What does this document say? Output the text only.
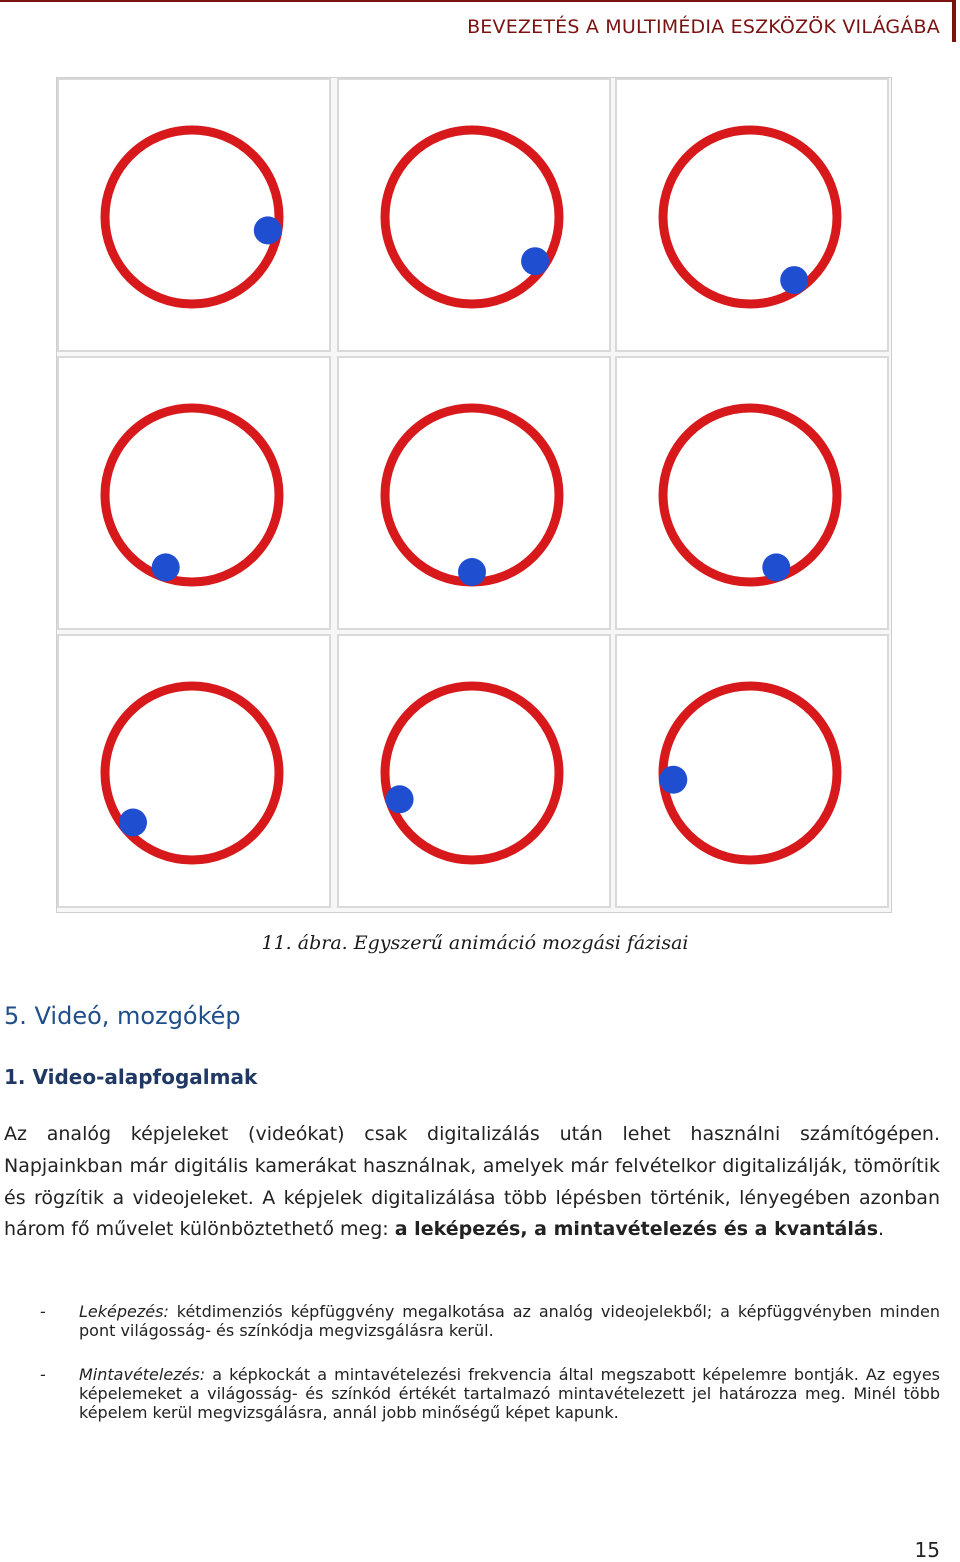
BEVEZETÉS A MULTIMÉDIA ESZKÖZÖK VILÁGÁBA
11. ábra. Egyszerű animáció mozgási fázisai
5. Videó, mozgókép
1. Video-alapfogalmak

Az analóg képjeleket (videókat) csak digitalizálás után lehet használni számítógépen. Napjainkban már digitális kamerákat használnak, amelyek már felvételkor digitalizálják, tömörítik és rögzítik a videojeleket. A képjelek digitalizálása több lépésben történik, lényegében azonban három fő művelet különböztethető meg: a leképezés, a mintavételezés és a kvantálás.

- Leképezés: kétdimenziós képfüggvény megalkotása az analóg videojelekből; a képfüggvényben minden pont világosság- és színkódja megvizsgálásra kerül.
- Mintavételezés: a képkockát a mintavételezési frekvencia által megszabott képelemre bontják. Az egyes képelemeket a világosság- és színkód értékét tartalmazó mintavételezett jel határozza meg. Minél több képelem kerül megvizsgálásra, annál jobb minőségű képet kapunk.
15
